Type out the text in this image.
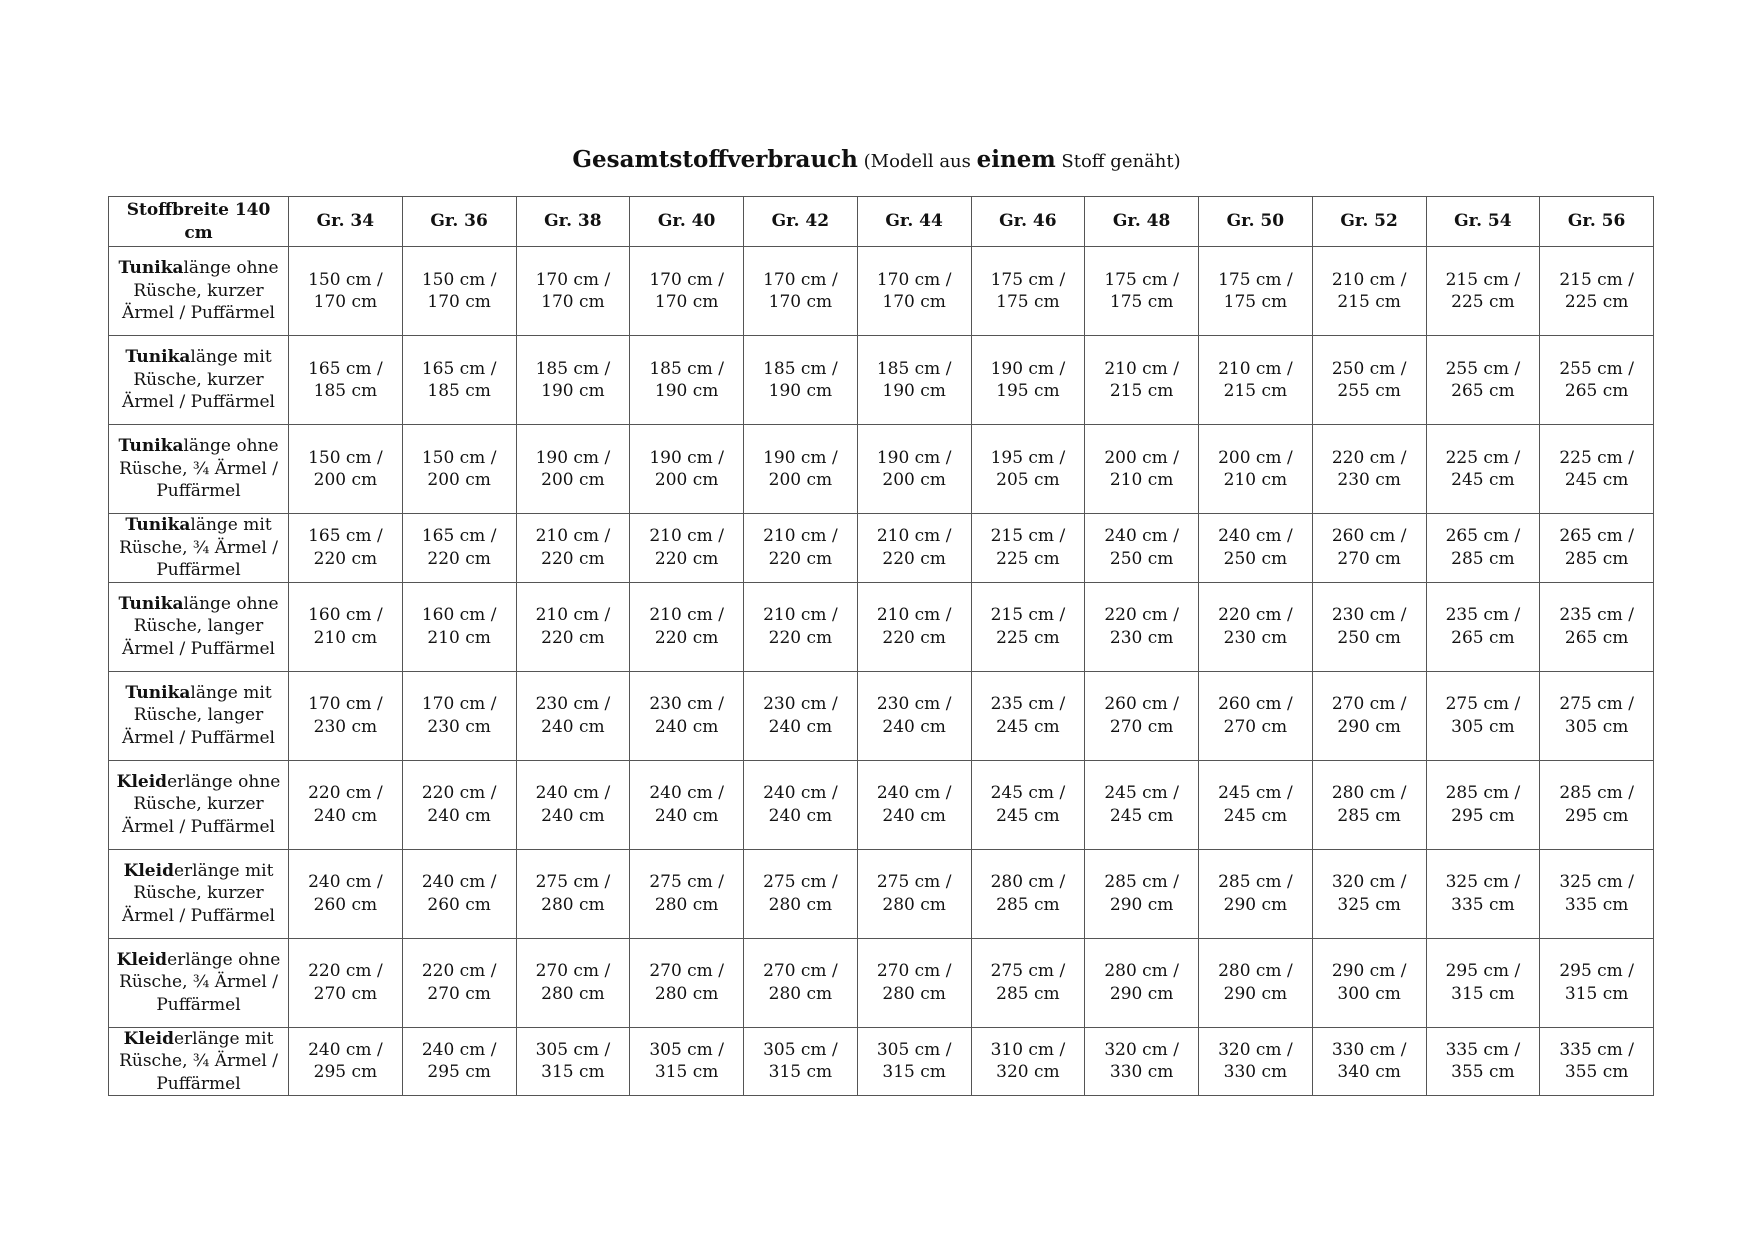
Gesamtstoffverbrauch (Modell aus einem Stoff genäht)
Stoffbreite 140 cm	Gr. 34	Gr. 36	Gr. 38	Gr. 40	Gr. 42	Gr. 44	Gr. 46	Gr. 48	Gr. 50	Gr. 52	Gr. 54	Gr. 56
Tunikalänge ohne Rüsche, kurzer Ärmel / Puffärmel	150 cm / 170 cm	150 cm / 170 cm	170 cm / 170 cm	170 cm / 170 cm	170 cm / 170 cm	170 cm / 170 cm	175 cm / 175 cm	175 cm / 175 cm	175 cm / 175 cm	210 cm / 215 cm	215 cm / 225 cm	215 cm / 225 cm
Tunikalänge mit Rüsche, kurzer Ärmel / Puffärmel	165 cm / 185 cm	165 cm / 185 cm	185 cm / 190 cm	185 cm / 190 cm	185 cm / 190 cm	185 cm / 190 cm	190 cm / 195 cm	210 cm / 215 cm	210 cm / 215 cm	250 cm / 255 cm	255 cm / 265 cm	255 cm / 265 cm
Tunikalänge ohne Rüsche, ¾ Ärmel / Puffärmel	150 cm / 200 cm	150 cm / 200 cm	190 cm / 200 cm	190 cm / 200 cm	190 cm / 200 cm	190 cm / 200 cm	195 cm / 205 cm	200 cm / 210 cm	200 cm / 210 cm	220 cm / 230 cm	225 cm / 245 cm	225 cm / 245 cm
Tunikalänge mit Rüsche, ¾ Ärmel / Puffärmel	165 cm / 220 cm	165 cm / 220 cm	210 cm / 220 cm	210 cm / 220 cm	210 cm / 220 cm	210 cm / 220 cm	215 cm / 225 cm	240 cm / 250 cm	240 cm / 250 cm	260 cm / 270 cm	265 cm / 285 cm	265 cm / 285 cm
Tunikalänge ohne Rüsche, langer Ärmel / Puffärmel	160 cm / 210 cm	160 cm / 210 cm	210 cm / 220 cm	210 cm / 220 cm	210 cm / 220 cm	210 cm / 220 cm	215 cm / 225 cm	220 cm / 230 cm	220 cm / 230 cm	230 cm / 250 cm	235 cm / 265 cm	235 cm / 265 cm
Tunikalänge mit Rüsche, langer Ärmel / Puffärmel	170 cm / 230 cm	170 cm / 230 cm	230 cm / 240 cm	230 cm / 240 cm	230 cm / 240 cm	230 cm / 240 cm	235 cm / 245 cm	260 cm / 270 cm	260 cm / 270 cm	270 cm / 290 cm	275 cm / 305 cm	275 cm / 305 cm
Kleiderlänge ohne Rüsche, kurzer Ärmel / Puffärmel	220 cm / 240 cm	220 cm / 240 cm	240 cm / 240 cm	240 cm / 240 cm	240 cm / 240 cm	240 cm / 240 cm	245 cm / 245 cm	245 cm / 245 cm	245 cm / 245 cm	280 cm / 285 cm	285 cm / 295 cm	285 cm / 295 cm
Kleiderlänge mit Rüsche, kurzer Ärmel / Puffärmel	240 cm / 260 cm	240 cm / 260 cm	275 cm / 280 cm	275 cm / 280 cm	275 cm / 280 cm	275 cm / 280 cm	280 cm / 285 cm	285 cm / 290 cm	285 cm / 290 cm	320 cm / 325 cm	325 cm / 335 cm	325 cm / 335 cm
Kleiderlänge ohne Rüsche, ¾ Ärmel / Puffärmel	220 cm / 270 cm	220 cm / 270 cm	270 cm / 280 cm	270 cm / 280 cm	270 cm / 280 cm	270 cm / 280 cm	275 cm / 285 cm	280 cm / 290 cm	280 cm / 290 cm	290 cm / 300 cm	295 cm / 315 cm	295 cm / 315 cm
Kleiderlänge mit Rüsche, ¾ Ärmel / Puffärmel	240 cm / 295 cm	240 cm / 295 cm	305 cm / 315 cm	305 cm / 315 cm	305 cm / 315 cm	305 cm / 315 cm	310 cm / 320 cm	320 cm / 330 cm	320 cm / 330 cm	330 cm / 340 cm	335 cm / 355 cm	335 cm / 355 cm
